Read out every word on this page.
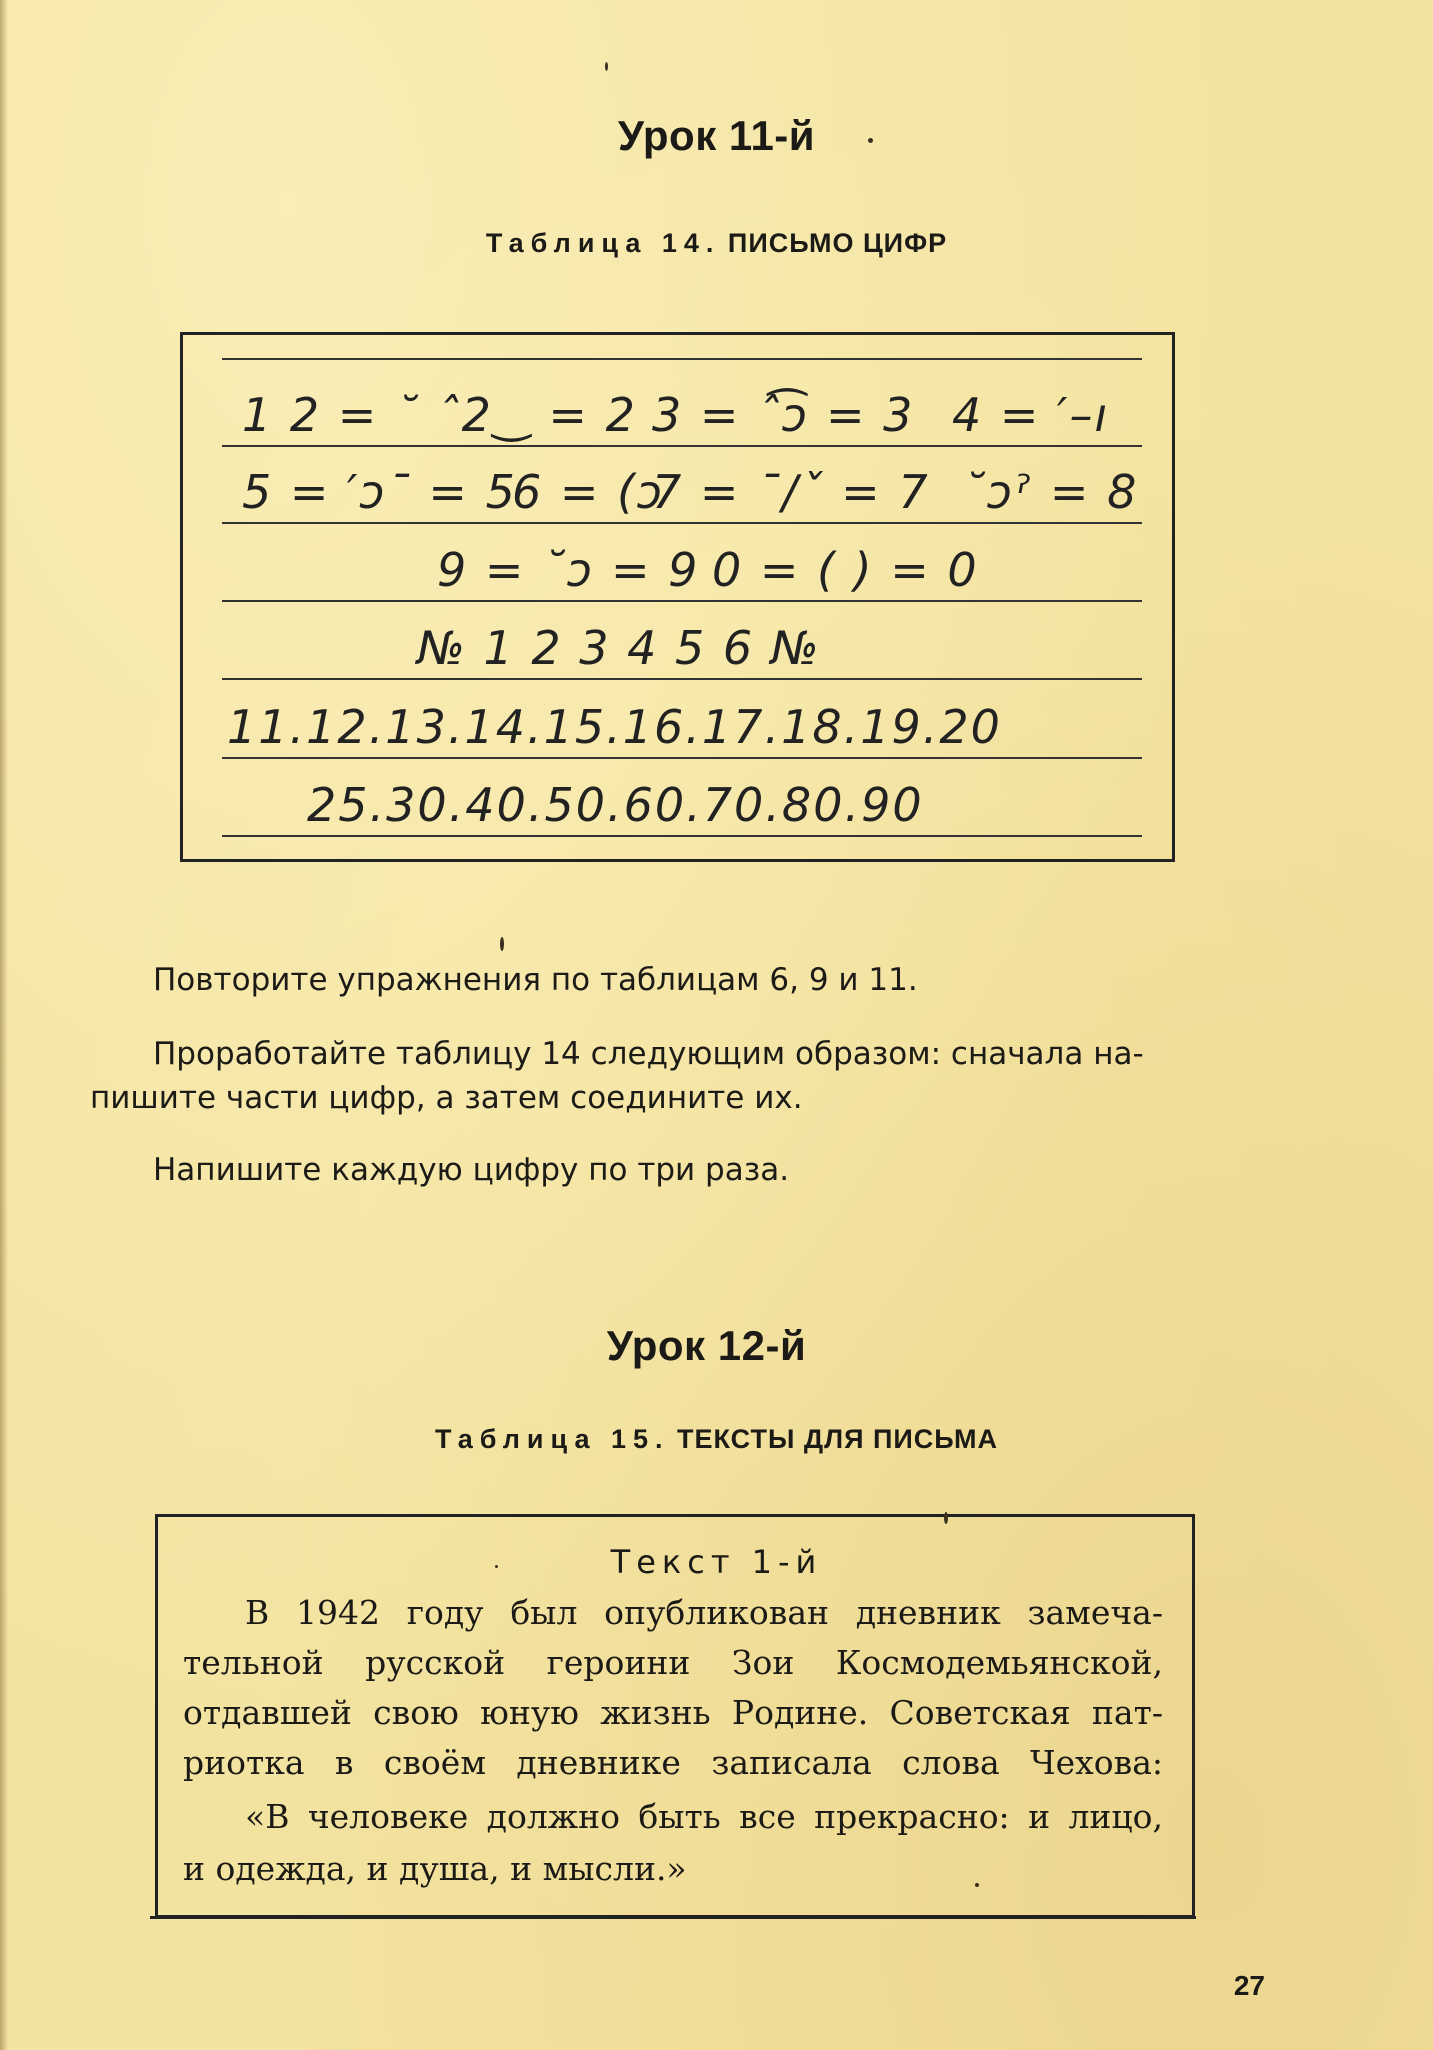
Урок 11-й
Таблица 14. ПИСЬМО ЦИФР

1 2 = ˘ ˆ2‿ = 2

3 = ˆ͡ɔ = 3

4 = ′–ı

5 = ′ɔˉ = 5

6 = (ɔ

7 = ˉ/ˇ = 7

˘ɔˀ = 8

9 = ˘ɔ = 9

0 = ( ) = 0

№ 1 2 3 4 5 6 №

11.12.13.14.15.16.17.18.19.20

25.30.40.50.60.70.80.90

Повторите упражнения по таблицам 6, 9 и 11.
Проработайте таблицу 14 следующим образом: сначала на-
пишите части цифр, а затем соедините их.
Напишите каждую цифру по три раза.
Урок 12-й
Таблица 15. ТЕКСТЫ ДЛЯ ПИСЬМА
Текст 1-й
В 1942 году был опубликован дневник замеча-
тельной русской героини Зои Космодемьянской,
отдавшей свою юную жизнь Родине. Советская пат-
риотка в своём дневнике записала слова Чехова:
«В человеке должно быть все прекрасно: и лицо,
и одежда, и душа, и мысли.»
27
